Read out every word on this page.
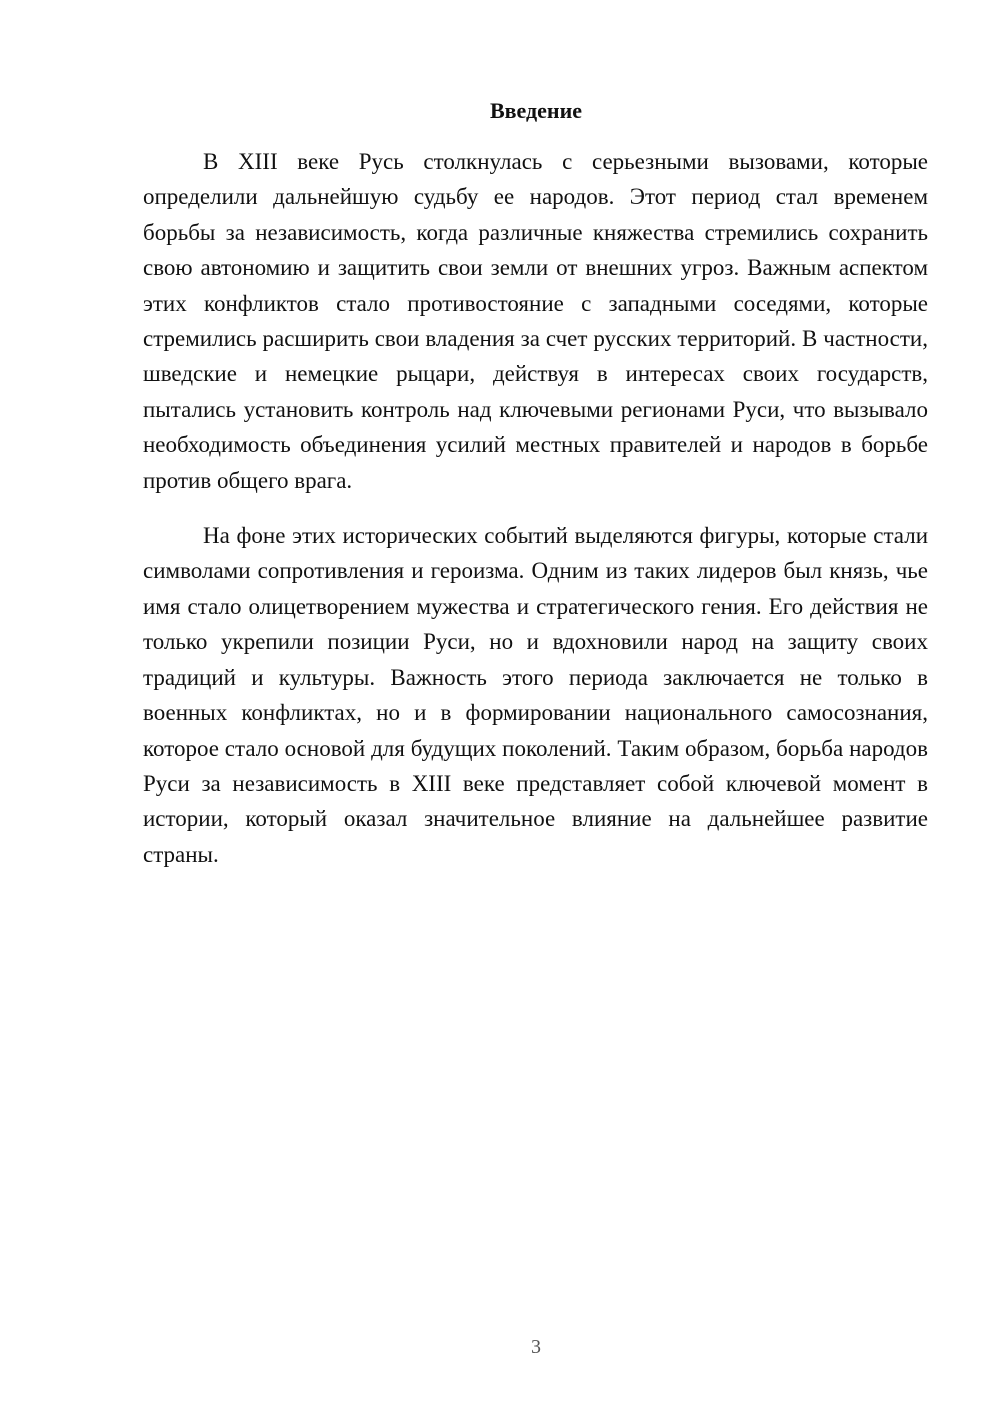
Введение

В XIII веке Русь столкнулась с серьезными вызовами, которые определили дальнейшую судьбу ее народов. Этот период стал временем борьбы за независимость, когда различные княжества стремились сохранить свою автономию и защитить свои земли от внешних угроз. Важным аспектом этих конфликтов стало противостояние с западными соседями, которые стремились расширить свои владения за счет русских территорий. В частности, шведские и немецкие рыцари, действуя в интересах своих государств, пытались установить контроль над ключевыми регионами Руси, что вызывало необходимость объединения усилий местных правителей и народов в борьбе против общего врага.

На фоне этих исторических событий выделяются фигуры, которые стали символами сопротивления и героизма. Одним из таких лидеров был князь, чье имя стало олицетворением мужества и стратегического гения. Его действия не только укрепили позиции Руси, но и вдохновили народ на защиту своих традиций и культуры. Важность этого периода заключается не только в военных конфликтах, но и в формировании национального самосознания, которое стало основой для будущих поколений. Таким образом, борьба народов Руси за независимость в XIII веке представляет собой ключевой момент в истории, который оказал значительное влияние на дальнейшее развитие страны.

3
